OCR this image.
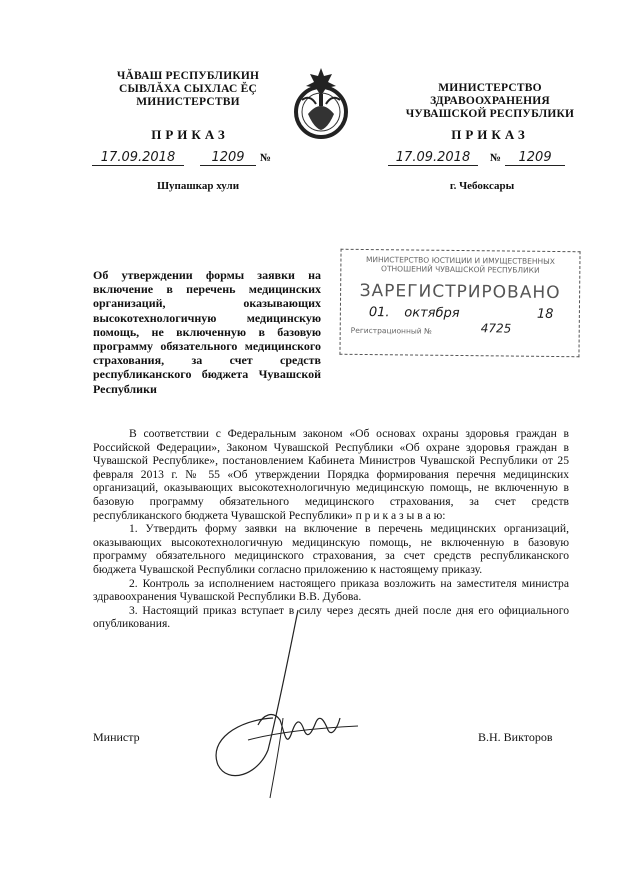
ЧĂВАШ РЕСПУБЛИКИН
СЫВЛĂХА СЫХЛАС ĔÇ
МИНИСТЕРСТВИ
МИНИСТЕРСТВО
ЗДРАВООХРАНЕНИЯ
ЧУВАШСКОЙ РЕСПУБЛИКИ
ПРИКАЗ	ПРИКАЗ
17.09.2018	1209 №	17.09.2018 № 1209
Шупашкар хули	г. Чебоксары
МИНИСТЕРСТВО ЮСТИЦИИ И ИМУЩЕСТВЕННЫХ
ОТНОШЕНИЙ ЧУВАШСКОЙ РЕСПУБЛИКИ
ЗАРЕГИСТРИРОВАНО
01. октября	18
Регистрационный №	4725
Об утверждении формы заявки на включение в перечень медицинских организаций, оказывающих высокотехнологичную медицинскую помощь, не включенную в базовую программу обязательного медицинского страхования, за счет средств республиканского бюджета Чувашской Республики

В соответствии с Федеральным законом «Об основах охраны здоровья граждан в Российской Федерации», Законом Чувашской Республики «Об охране здоровья граждан в Чувашской Республике», постановлением Кабинета Министров Чувашской Республики от 25 февраля 2013 г. № 55 «Об утверждении Порядка формирования перечня медицинских организаций, оказывающих высокотехнологичную медицинскую помощь, не включенную в базовую программу обязательного медицинского страхования, за счет средств республиканского бюджета Чувашской Республики» п р и к а з ы в а ю:

1. Утвердить форму заявки на включение в перечень медицинских организаций, оказывающих высокотехнологичную медицинскую помощь, не включенную в базовую программу обязательного медицинского страхования, за счет средств республиканского бюджета Чувашской Республики согласно приложению к настоящему приказу.

2. Контроль за исполнением настоящего приказа возложить на заместителя министра здравоохранения Чувашской Республики В.В. Дубова.

3. Настоящий приказ вступает в силу через десять дней после дня его официального опубликования.

Министр	В.Н. Викторов
